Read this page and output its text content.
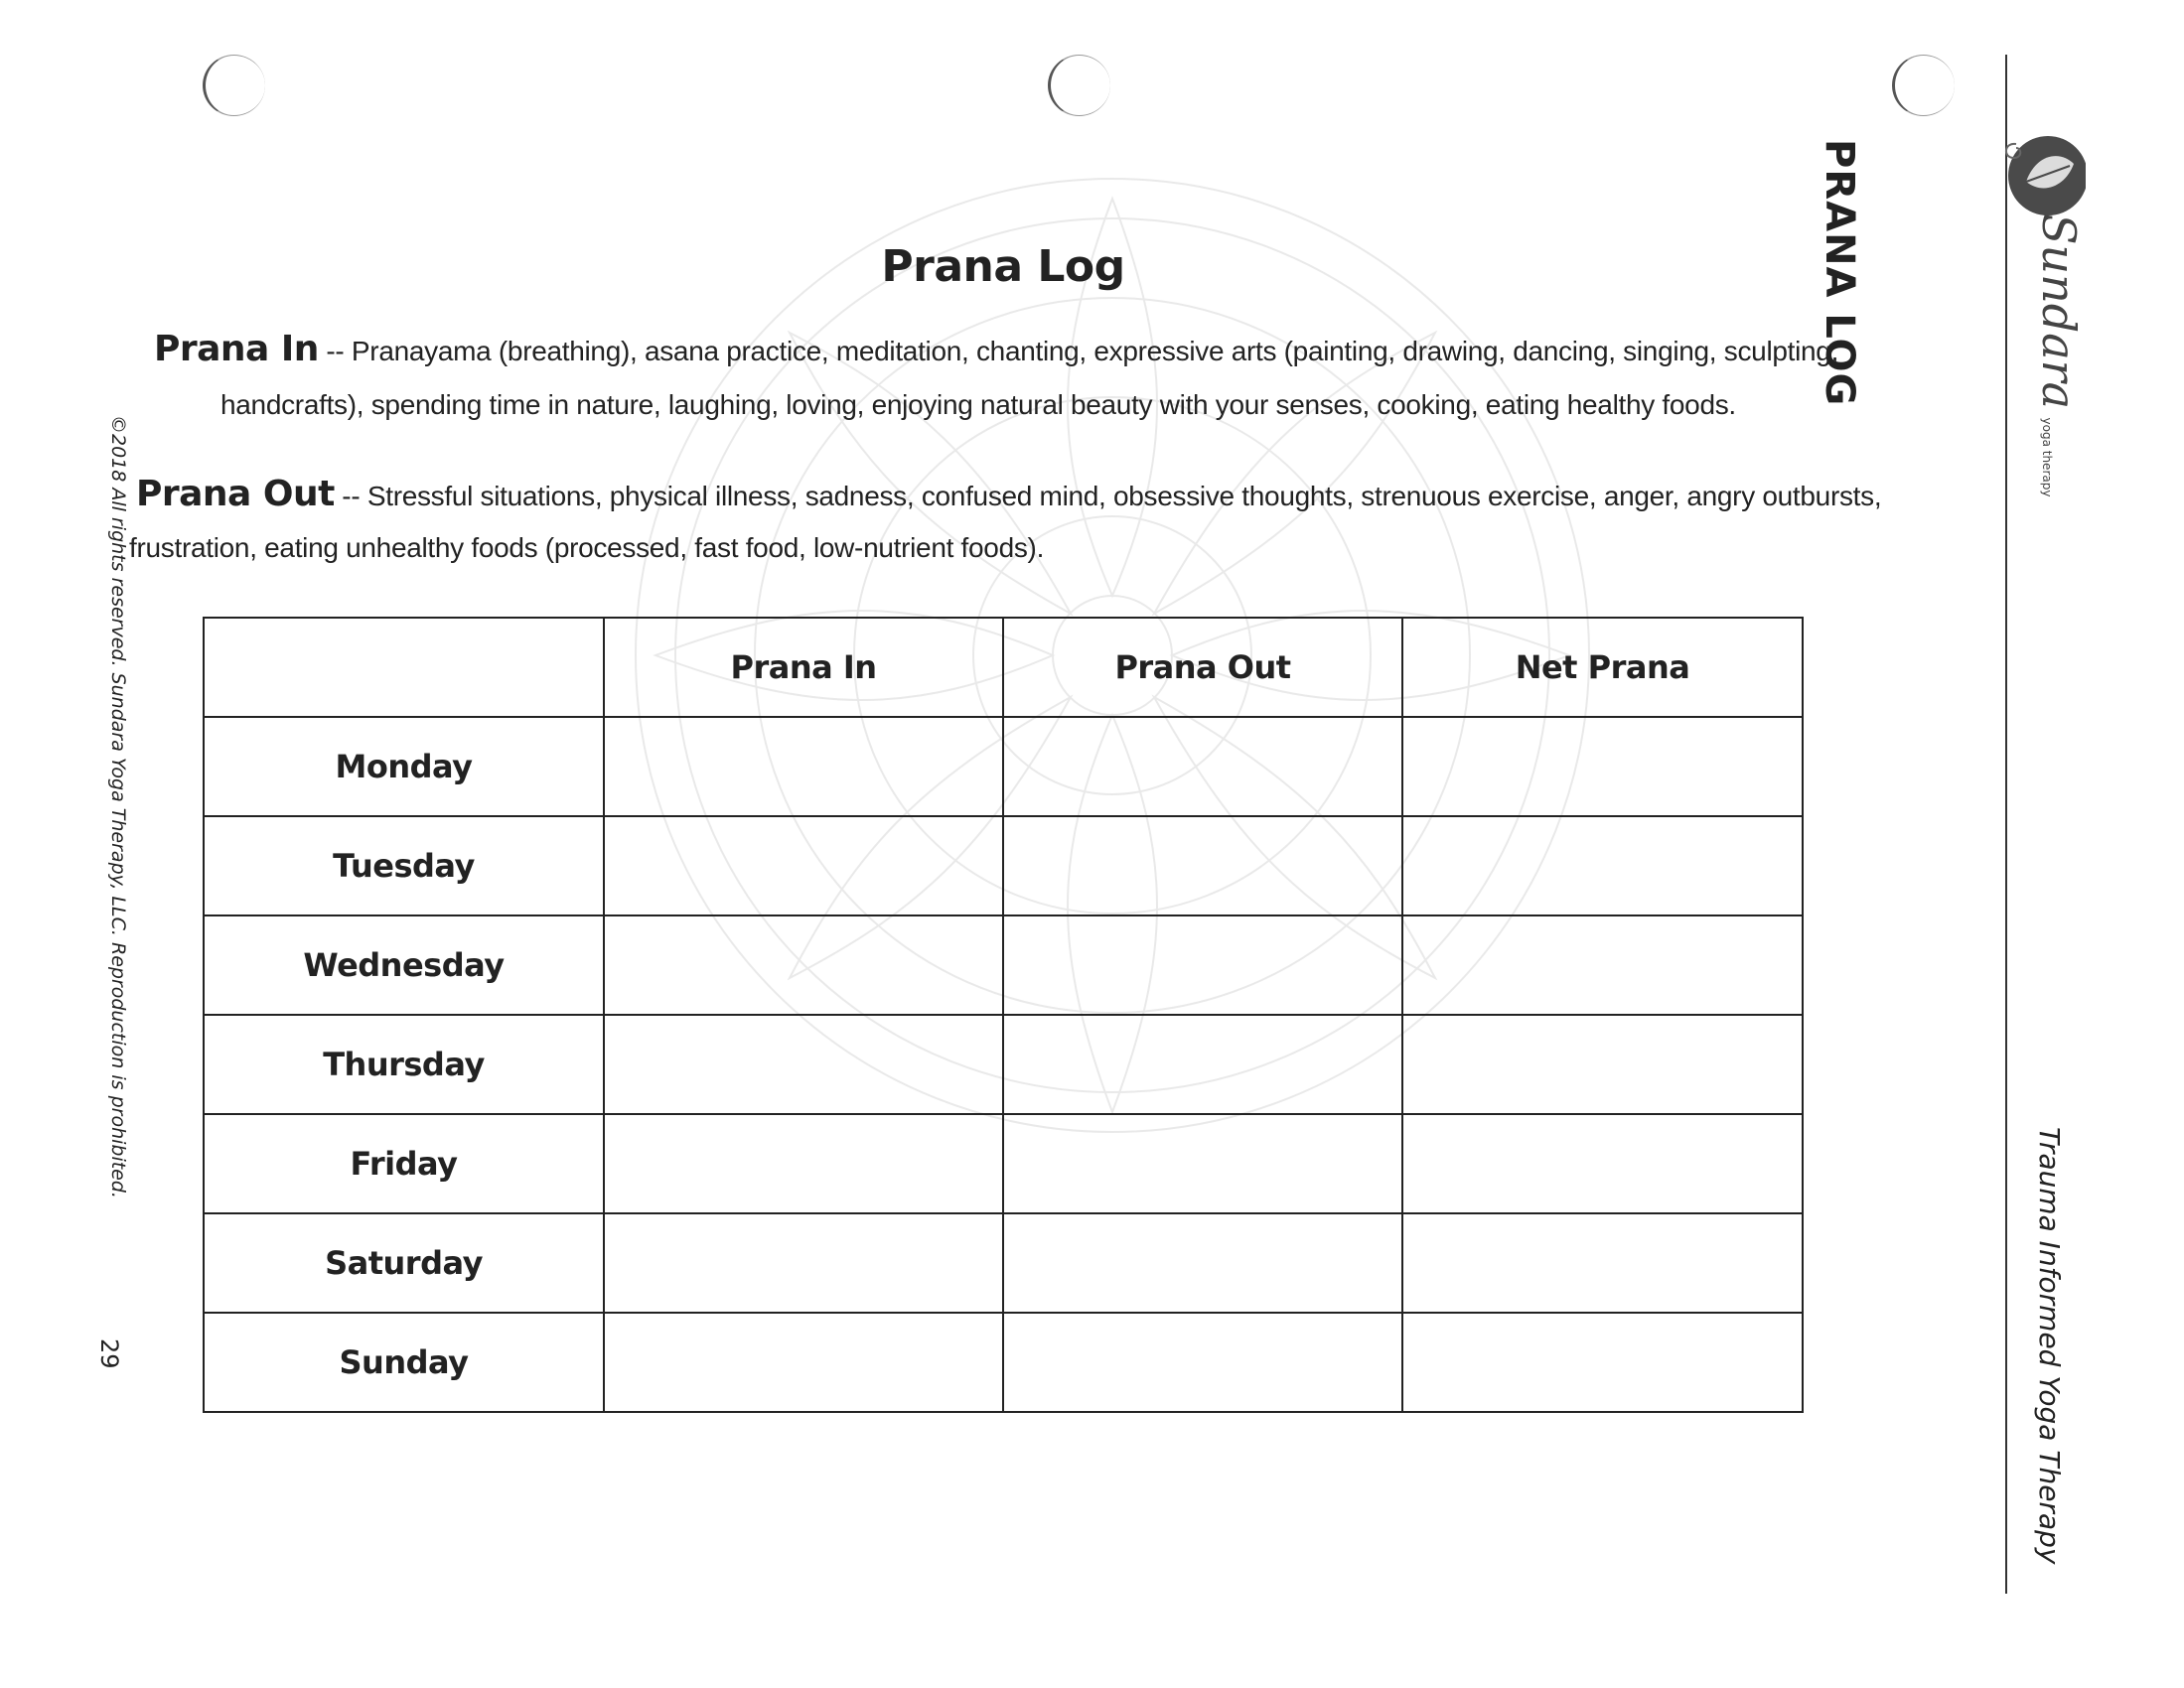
Prana Log
Prana In -- Pranayama (breathing), asana practice, meditation, chanting, expressive arts (painting, drawing, dancing, singing, sculpting,
handcrafts), spending time in nature, laughing, loving, enjoying natural beauty with your senses, cooking, eating healthy foods.
Prana Out -- Stressful situations, physical illness, sadness, confused mind, obsessive thoughts, strenuous exercise, anger, angry outbursts,
frustration, eating unhealthy foods (processed, fast food, low-nutrient foods).
	Prana In	Prana Out	Net Prana
Monday			
Tuesday			
Wednesday			
Thursday			
Friday			
Saturday			
Sunday			
PRANA LOG	Sundara yoga therapy
Trauma Informed Yoga Therapy
©2018 All rights reserved. Sundara Yoga Therapy, LLC. Reproduction is prohibited.
29
